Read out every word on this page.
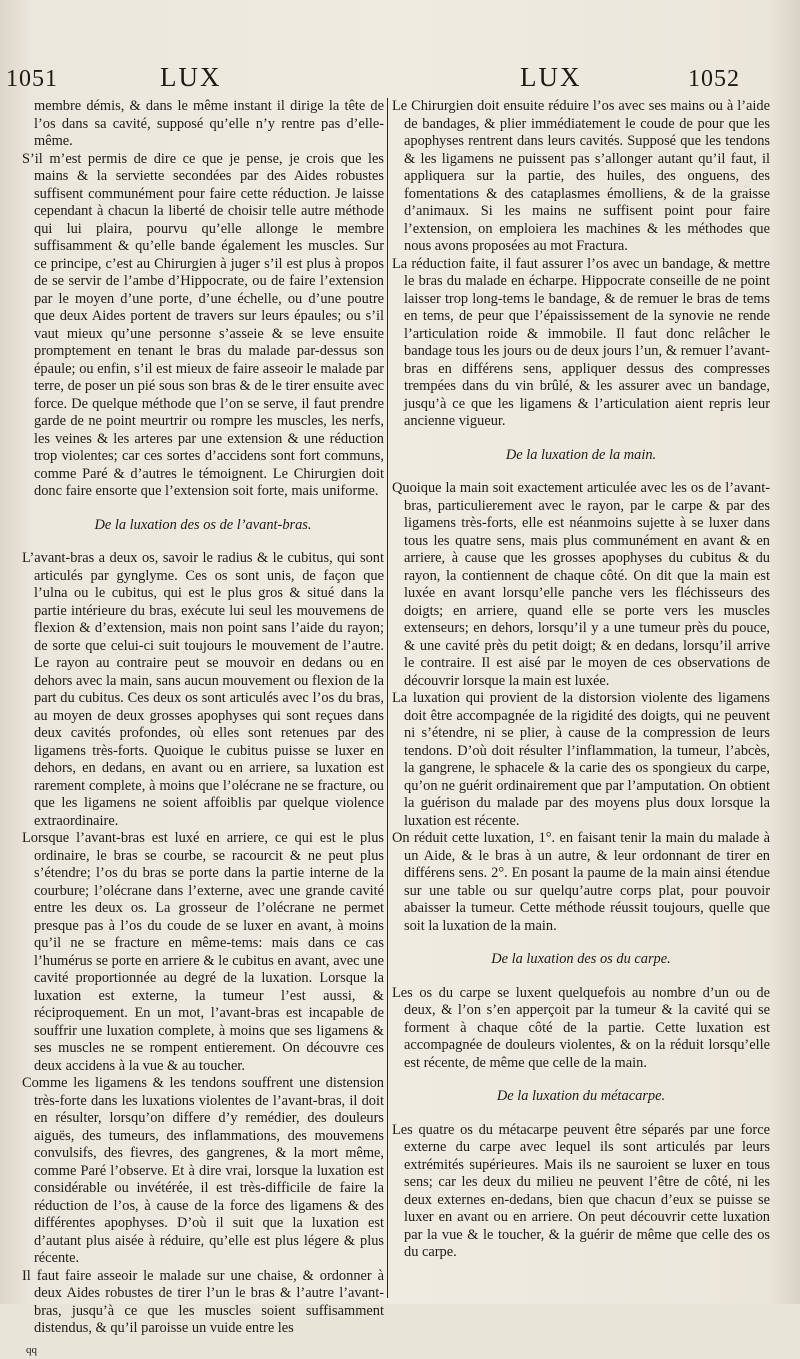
1051	LUX	LUX	1052

membre démis, & dans le même instant il dirige la tête de l’os dans sa cavité, supposé qu’elle n’y rentre pas d’elle-même.

S’il m’est permis de dire ce que je pense, je crois que les mains & la serviette secondées par des Aides robustes suffisent communément pour faire cette réduction. Je laisse cependant à chacun la liberté de choisir telle autre méthode qui lui plaira, pourvu qu’elle allonge le membre suffisamment & qu’elle bande également les muscles. Sur ce principe, c’est au Chirurgien à juger s’il est plus à propos de se servir de l’ambe d’Hippocrate, ou de faire l’extension par le moyen d’une porte, d’une échelle, ou d’une poutre que deux Aides portent de travers sur leurs épaules; ou s’il vaut mieux qu’une personne s’asseie & se leve ensuite promptement en tenant le bras du malade par-dessus son épaule; ou enfin, s’il est mieux de faire asseoir le malade par terre, de poser un pié sous son bras & de le tirer ensuite avec force. De quelque méthode que l’on se serve, il faut prendre garde de ne point meurtrir ou rompre les muscles, les nerfs, les veines & les arteres par une extension & une réduction trop violentes; car ces sortes d’accidens sont fort communs, comme Paré & d’autres le témoignent. Le Chirurgien doit donc faire ensorte que l’extension soit forte, mais uniforme.

De la luxation des os de l’avant-bras.

L’avant-bras a deux os, savoir le radius & le cubitus, qui sont articulés par gynglyme. Ces os sont unis, de façon que l’ulna ou le cubitus, qui est le plus gros & situé dans la partie intérieure du bras, exécute lui seul les mouvemens de flexion & d’extension, mais non point sans l’aide du rayon; de sorte que celui-ci suit toujours le mouvement de l’autre. Le rayon au contraire peut se mouvoir en dedans ou en dehors avec la main, sans aucun mouvement ou flexion de la part du cubitus. Ces deux os sont articulés avec l’os du bras, au moyen de deux grosses apophyses qui sont reçues dans deux cavités profondes, où elles sont retenues par des ligamens très-forts. Quoique le cubitus puisse se luxer en dehors, en dedans, en avant ou en arriere, sa luxation est rarement complete, à moins que l’olécrane ne se fracture, ou que les ligamens ne soient affoiblis par quelque violence extraordinaire.

Lorsque l’avant-bras est luxé en arriere, ce qui est le plus ordinaire, le bras se courbe, se racourcit & ne peut plus s’étendre; l’os du bras se porte dans la partie interne de la courbure; l’olécrane dans l’externe, avec une grande cavité entre les deux os. La grosseur de l’olécrane ne permet presque pas à l’os du coude de se luxer en avant, à moins qu’il ne se fracture en même-tems: mais dans ce cas l’humérus se porte en arriere & le cubitus en avant, avec une cavité proportionnée au degré de la luxation. Lorsque la luxation est externe, la tumeur l’est aussi, & réciproquement. En un mot, l’avant-bras est incapable de souffrir une luxation complete, à moins que ses ligamens & ses muscles ne se rompent entierement. On découvre ces deux accidens à la vue & au toucher.

Comme les ligamens & les tendons souffrent une distension très-forte dans les luxations violentes de l’avant-bras, il doit en résulter, lorsqu’on differe d’y remédier, des douleurs aiguës, des tumeurs, des inflammations, des mouvemens convulsifs, des fievres, des gangrenes, & la mort même, comme Paré l’observe. Et à dire vrai, lorsque la luxation est considérable ou invétérée, il est très-difficile de faire la réduction de l’os, à cause de la force des ligamens & des différentes apophyses. D’où il suit que la luxation est d’autant plus aisée à réduire, qu’elle est plus légere & plus récente.

Il faut faire asseoir le malade sur une chaise, & ordonner à deux Aides robustes de tirer l’un le bras & l’autre l’avant-bras, jusqu’à ce que les muscles soient suffisamment distendus, & qu’il paroisse un vuide entre les

qq

Le Chirurgien doit ensuite réduire l’os avec ses mains ou à l’aide de bandages, & plier immédiatement le coude de pour que les apophyses rentrent dans leurs cavités. Supposé que les tendons & les ligamens ne puissent pas s’allonger autant qu’il faut, il appliquera sur la partie, des huiles, des onguens, des fomentations & des cataplasmes émolliens, & de la graisse d’animaux. Si les mains ne suffisent point pour faire l’extension, on emploiera les machines & les méthodes que nous avons proposées au mot Fractura.

La réduction faite, il faut assurer l’os avec un bandage, & mettre le bras du malade en écharpe. Hippocrate conseille de ne point laisser trop long-tems le bandage, & de remuer le bras de tems en tems, de peur que l’épaississement de la synovie ne rende l’articulation roide & immobile. Il faut donc relâcher le bandage tous les jours ou de deux jours l’un, & remuer l’avant-bras en différens sens, appliquer dessus des compresses trempées dans du vin brûlé, & les assurer avec un bandage, jusqu’à ce que les ligamens & l’articulation aient repris leur ancienne vigueur.

De la luxation de la main.

Quoique la main soit exactement articulée avec les os de l’avant-bras, particulierement avec le rayon, par le carpe & par des ligamens très-forts, elle est néanmoins sujette à se luxer dans tous les quatre sens, mais plus communément en avant & en arriere, à cause que les grosses apophyses du cubitus & du rayon, la contiennent de chaque côté. On dit que la main est luxée en avant lorsqu’elle panche vers les fléchisseurs des doigts; en arriere, quand elle se porte vers les muscles extenseurs; en dehors, lorsqu’il y a une tumeur près du pouce, & une cavité près du petit doigt; & en dedans, lorsqu’il arrive le contraire. Il est aisé par le moyen de ces observations de découvrir lorsque la main est luxée.

La luxation qui provient de la distorsion violente des ligamens doit être accompagnée de la rigidité des doigts, qui ne peuvent ni s’étendre, ni se plier, à cause de la compression de leurs tendons. D’où doit résulter l’inflammation, la tumeur, l’abcès, la gangrene, le sphacele & la carie des os spongieux du carpe, qu’on ne guérit ordinairement que par l’amputation. On obtient la guérison du malade par des moyens plus doux lorsque la luxation est récente.

On réduit cette luxation, 1°. en faisant tenir la main du malade à un Aide, & le bras à un autre, & leur ordonnant de tirer en différens sens. 2°. En posant la paume de la main ainsi étendue sur une table ou sur quelqu’autre corps plat, pour pouvoir abaisser la tumeur. Cette méthode réussit toujours, quelle que soit la luxation de la main.

De la luxation des os du carpe.

Les os du carpe se luxent quelquefois au nombre d’un ou de deux, & l’on s’en apperçoit par la tumeur & la cavité qui se forment à chaque côté de la partie. Cette luxation est accompagnée de douleurs violentes, & on la réduit lorsqu’elle est récente, de même que celle de la main.

De la luxation du métacarpe.

Les quatre os du métacarpe peuvent être séparés par une force externe du carpe avec lequel ils sont articulés par leurs extrémités supérieures. Mais ils ne sauroient se luxer en tous sens; car les deux du milieu ne peuvent l’être de côté, ni les deux externes en-dedans, bien que chacun d’eux se puisse se luxer en avant ou en arriere. On peut découvrir cette luxation par la vue & le toucher, & la guérir de même que celle des os du carpe.
